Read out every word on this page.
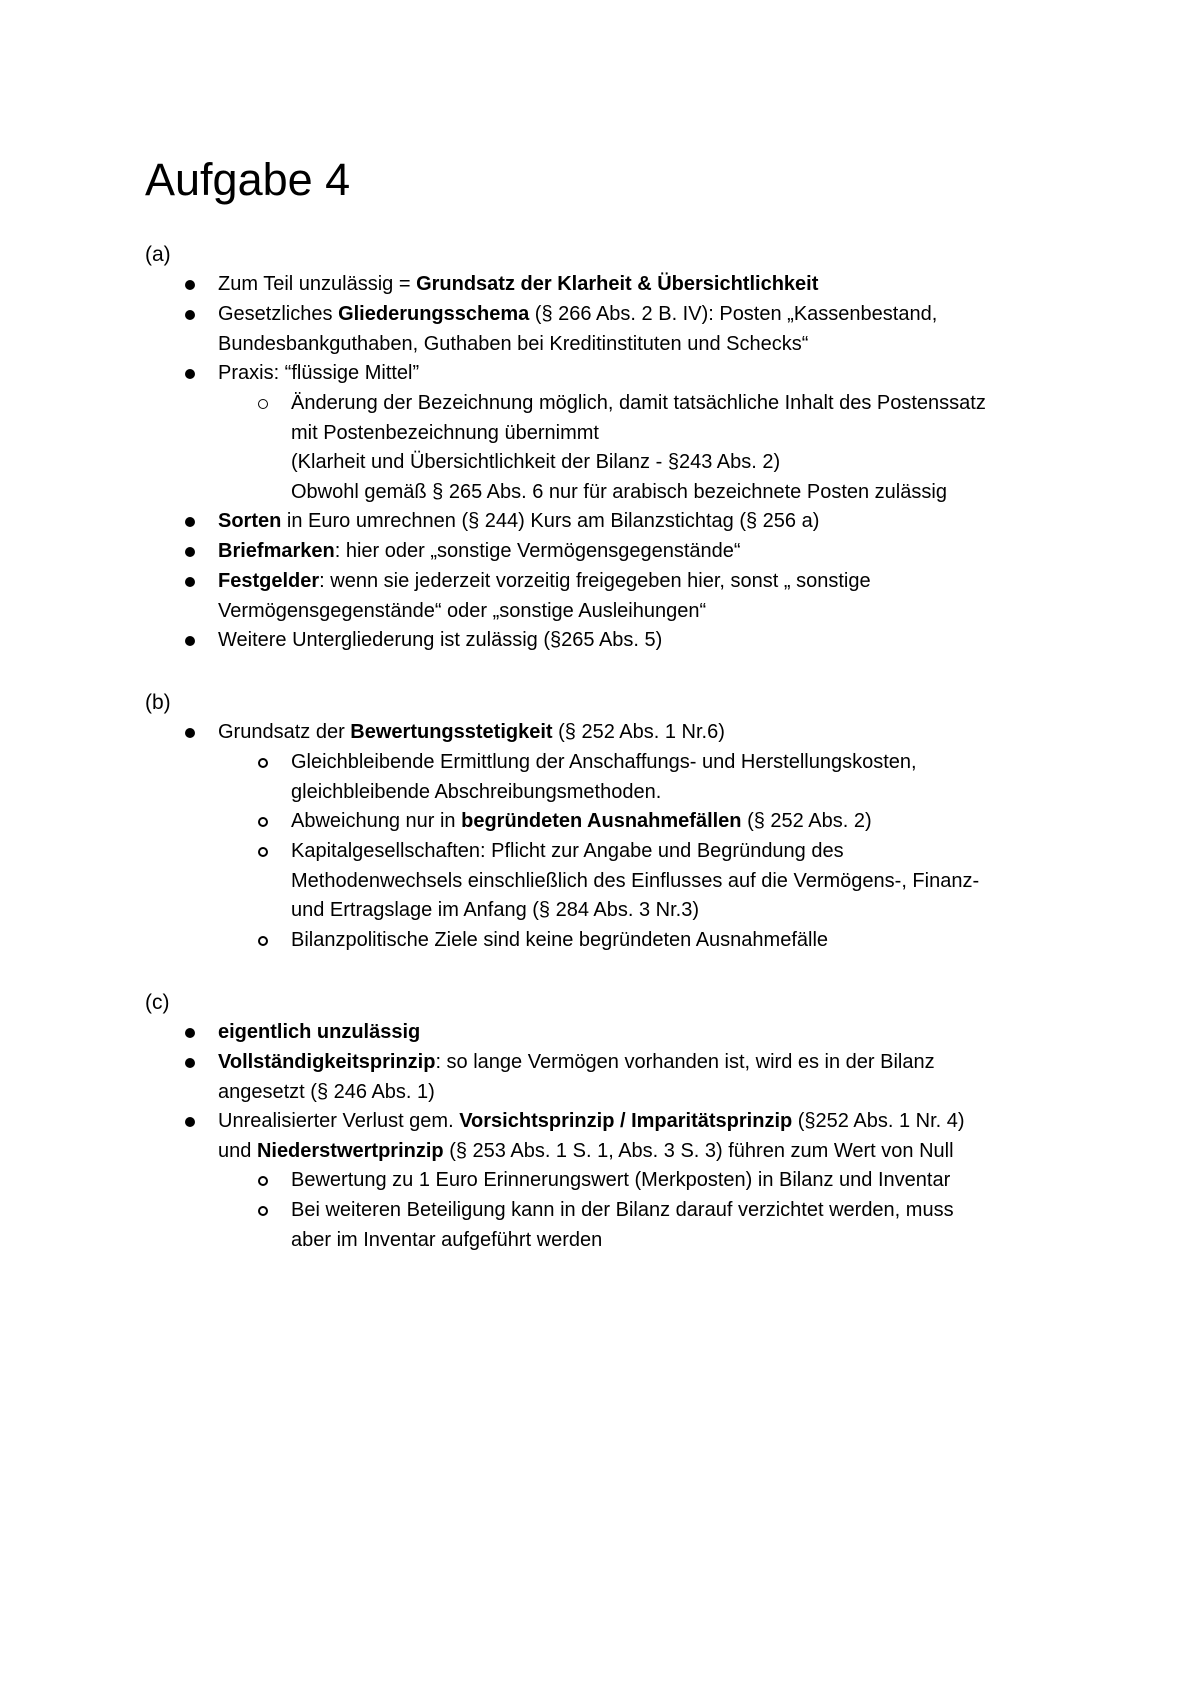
Aufgabe 4
(a)
Zum Teil unzulässig = Grundsatz der Klarheit & Übersichtlichkeit
Gesetzliches Gliederungsschema (§ 266 Abs. 2 B. IV): Posten „Kassenbestand,
Bundesbankguthaben, Guthaben bei Kreditinstituten und Schecks“
Praxis: “flüssige Mittel”
Änderung der Bezeichnung möglich, damit tatsächliche Inhalt des Postenssatz
mit Postenbezeichnung übernimmt
(Klarheit und Übersichtlichkeit der Bilanz - §243 Abs. 2)
Obwohl gemäß § 265 Abs. 6 nur für arabisch bezeichnete Posten zulässig
Sorten in Euro umrechnen (§ 244) Kurs am Bilanzstichtag (§ 256 a)
Briefmarken: hier oder „sonstige Vermögensgegenstände“
Festgelder: wenn sie jederzeit vorzeitig freigegeben hier, sonst „ sonstige
Vermögensgegenstände“ oder „sonstige Ausleihungen“
Weitere Untergliederung ist zulässig (§265 Abs. 5)
(b)
Grundsatz der Bewertungsstetigkeit (§ 252 Abs. 1 Nr.6)
Gleichbleibende Ermittlung der Anschaffungs- und Herstellungskosten,
gleichbleibende Abschreibungsmethoden.
Abweichung nur in begründeten Ausnahmefällen (§ 252 Abs. 2)
Kapitalgesellschaften: Pflicht zur Angabe und Begründung des
Methodenwechsels einschließlich des Einflusses auf die Vermögens-, Finanz-
und Ertragslage im Anfang (§ 284 Abs. 3 Nr.3)
Bilanzpolitische Ziele sind keine begründeten Ausnahmefälle
(c)
eigentlich unzulässig
Vollständigkeitsprinzip: so lange Vermögen vorhanden ist, wird es in der Bilanz
angesetzt (§ 246 Abs. 1)
Unrealisierter Verlust gem. Vorsichtsprinzip / Imparitätsprinzip (§252 Abs. 1 Nr. 4)
und Niederstwertprinzip (§ 253 Abs. 1 S. 1, Abs. 3 S. 3) führen zum Wert von Null
Bewertung zu 1 Euro Erinnerungswert (Merkposten) in Bilanz und Inventar
Bei weiteren Beteiligung kann in der Bilanz darauf verzichtet werden, muss
aber im Inventar aufgeführt werden
